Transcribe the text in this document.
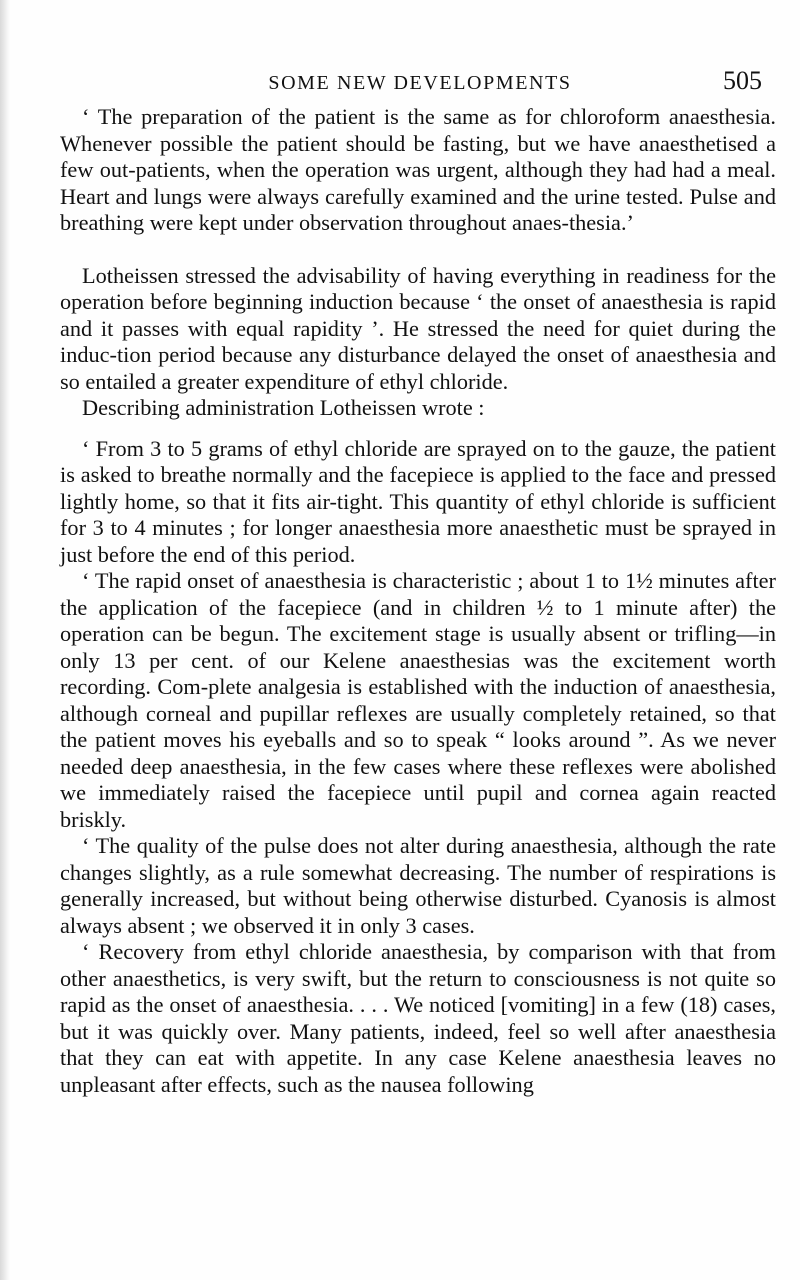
SOME NEW DEVELOPMENTS	505

‘ The preparation of the patient is the same as for chloroform anaesthesia. Whenever possible the patient should be fasting, but we have anaesthetised a few out-patients, when the operation was urgent, although they had had a meal. Heart and lungs were always carefully examined and the urine tested. Pulse and breathing were kept under observation throughout anaes-thesia.’

Lotheissen stressed the advisability of having everything in readiness for the operation before beginning induction because ‘ the onset of anaesthesia is rapid and it passes with equal rapidity ’. He stressed the need for quiet during the induc-tion period because any disturbance delayed the onset of anaesthesia and so entailed a greater expenditure of ethyl chloride.

Describing administration Lotheissen wrote :

‘ From 3 to 5 grams of ethyl chloride are sprayed on to the gauze, the patient is asked to breathe normally and the facepiece is applied to the face and pressed lightly home, so that it fits air-tight. This quantity of ethyl chloride is sufficient for 3 to 4 minutes ; for longer anaesthesia more anaesthetic must be sprayed in just before the end of this period.

‘ The rapid onset of anaesthesia is characteristic ; about 1 to 1½ minutes after the application of the facepiece (and in children ½ to 1 minute after) the operation can be begun. The excitement stage is usually absent or trifling—in only 13 per cent. of our Kelene anaesthesias was the excitement worth recording. Com-plete analgesia is established with the induction of anaesthesia, although corneal and pupillar reflexes are usually completely retained, so that the patient moves his eyeballs and so to speak “ looks around ”. As we never needed deep anaesthesia, in the few cases where these reflexes were abolished we immediately raised the facepiece until pupil and cornea again reacted briskly.

‘ The quality of the pulse does not alter during anaesthesia, although the rate changes slightly, as a rule somewhat decreasing. The number of respirations is generally increased, but without being otherwise disturbed. Cyanosis is almost always absent ; we observed it in only 3 cases.

‘ Recovery from ethyl chloride anaesthesia, by comparison with that from other anaesthetics, is very swift, but the return to consciousness is not quite so rapid as the onset of anaesthesia. . . . We noticed [vomiting] in a few (18) cases, but it was quickly over. Many patients, indeed, feel so well after anaesthesia that they can eat with appetite. In any case Kelene anaesthesia leaves no unpleasant after effects, such as the nausea following
